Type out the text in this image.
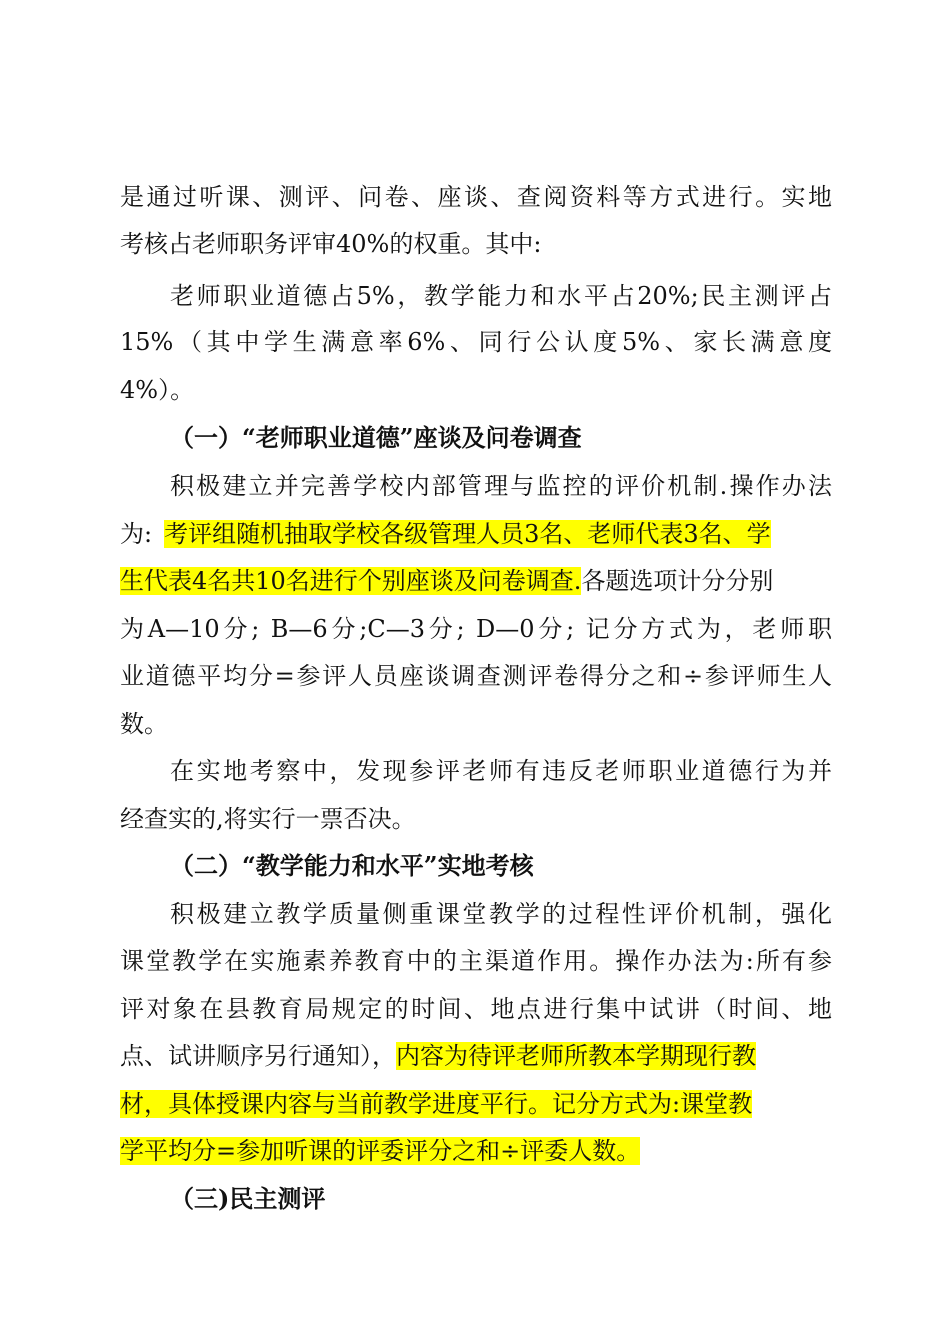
是通过听课、测评、问卷、座谈、查阅资料等方式进行。实地
考核占老师职务评审40%的权重。其中:
老师职业道德占5%，教学能力和水平占20%;民主测评占
15%（其中学生满意率6%、同行公认度5%、家长满意度
4%）。
（一）“老师职业道德”座谈及问卷调查
积极建立并完善学校内部管理与监控的评价机制.操作办法
为: 考评组随机抽取学校各级管理人员3名、老师代表3名、学
生代表4名共10名进行个别座谈及问卷调查.各题选项计分分别
为A—10分; B—6分;C—3分; D—0分; 记分方式为，老师职
业道德平均分=参评人员座谈调查测评卷得分之和÷参评师生人
数。
在实地考察中，发现参评老师有违反老师职业道德行为并
经查实的,将实行一票否决。
（二）“教学能力和水平”实地考核
积极建立教学质量侧重课堂教学的过程性评价机制，强化
课堂教学在实施素养教育中的主渠道作用。操作办法为:所有参
评对象在县教育局规定的时间、地点进行集中试讲（时间、地
点、试讲顺序另行通知），内容为待评老师所教本学期现行教
材，具体授课内容与当前教学进度平行。记分方式为:课堂教
学平均分=参加听课的评委评分之和÷评委人数。
（三)民主测评
